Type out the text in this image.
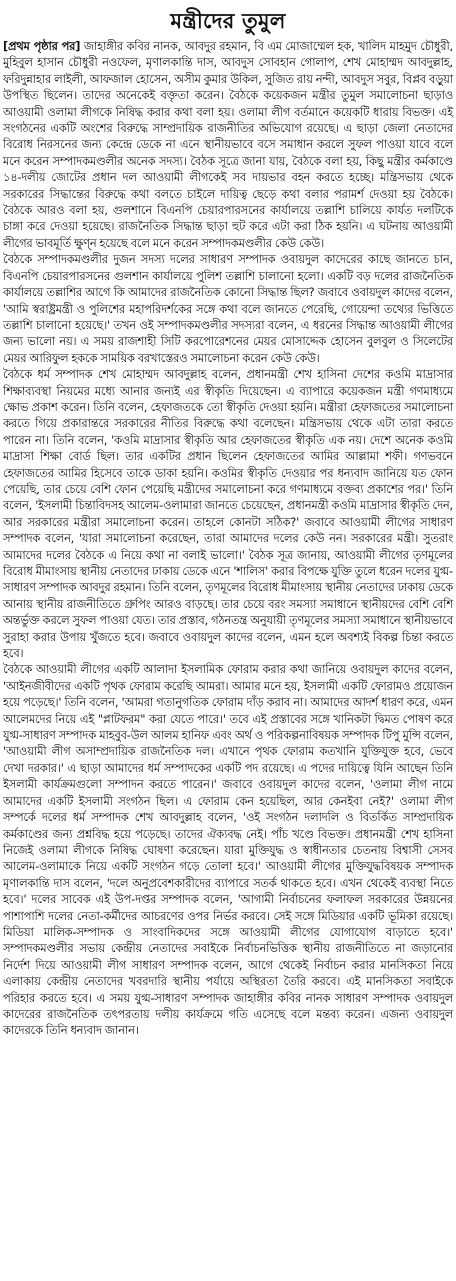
মন্ত্রীদের তুমুল

[প্রথম পৃষ্ঠার পর] জাহাঙ্গীর কবির নানক, আবদুর রহমান, বি এম মোজাম্মেল হক, খালিদ মাহমুদ চৌধুরী, মুহিবুল হাসান চৌধুরী নওফেল, মৃণালকান্তি দাস, আবদুস সোবহান গোলাপ, শেখ মোহাম্মদ আবদুল্লাহ, ফরিদুন্নাহার লাইলী, আফজাল হোসেন, অসীম কুমার উকিল, সুজিত রায় নন্দী, আবদুস সবুর, বিপ্লব বড়ুয়া উপস্থিত ছিলেন। তাদের অনেকেই বক্তৃতা করেন। বৈঠকে কয়েকজন মন্ত্রীর তুমুল সমালোচনা ছাড়াও আওয়ামী ওলামা লীগকে নিষিদ্ধ করার কথা বলা হয়। ওলামা লীগ বর্তমানে কয়েকটি ধারায় বিভক্ত। এই সংগঠনের একটি অংশের বিরুদ্ধে সাম্প্রদায়িক রাজনীতির অভিযোগ রয়েছে। এ ছাড়া জেলা নেতাদের বিরোধ নিরসনের জন্য কেন্দ্রে ডেকে না এনে স্থানীয়ভাবে বসে সমাধান করলে সুফল পাওয়া যাবে বলে মনে করেন সম্পাদকমণ্ডলীর অনেক সদস্য। বৈঠক সূত্রে জানা যায়, বৈঠকে বলা হয়, কিছু মন্ত্রীর কর্মকাণ্ডে ১৪-দলীয় জোটের প্রধান দল আওয়ামী লীগকেই সব দায়ভার বহন করতে হচ্ছে। মন্ত্রিসভায় থেকে সরকারের সিদ্ধান্তের বিরুদ্ধে কথা বলতে চাইলে দায়িত্ব ছেড়ে কথা বলার পরামর্শ দেওয়া হয় বৈঠকে। বৈঠকে আরও বলা হয়, গুলশানে বিএনপি চেয়ারপারসনের কার্যালয়ে তল্লাশি চালিয়ে কার্যত দলটিকে চাঙ্গা করে দেওয়া হয়েছে। রাজনৈতিক সিদ্ধান্ত ছাড়া হুট করে এটা করা ঠিক হয়নি। এ ঘটনায় আওয়ামী লীগের ভাবমূর্তি ক্ষুণ্ন হয়েছে বলে মনে করেন সম্পাদকমণ্ডলীর কেউ কেউ।

বৈঠকে সম্পাদকমণ্ডলীর দুজন সদস্য দলের সাধারণ সম্পাদক ওবায়দুল কাদেরের কাছে জানতে চান, বিএনপি চেয়ারপারসনের গুলশান কার্যালয়ে পুলিশ তল্লাশি চালানো হলো। একটি বড় দলের রাজনৈতিক কার্যালয়ে তল্লাশির আগে কি আমাদের রাজনৈতিক কোনো সিদ্ধান্ত ছিল? জবাবে ওবায়দুল কাদের বলেন, 'আমি স্বরাষ্ট্রমন্ত্রী ও পুলিশের মহাপরিদর্শকের সঙ্গে কথা বলে জানতে পেরেছি, গোয়েন্দা তথ্যের ভিত্তিতে তল্লাশি চালানো হয়েছে।' তখন ওই সম্পাদকমণ্ডলীর সদস্যরা বলেন, এ ধরনের সিদ্ধান্ত আওয়ামী লীগের জন্য ভালো নয়। এ সময় রাজশাহী সিটি করপোরেশনের মেয়র মোসাদ্দেক হোসেন বুলবুল ও সিলেটের মেয়র আরিফুল হককে সাময়িক বরখাস্তেরও সমালোচনা করেন কেউ কেউ।

বৈঠকে ধর্ম সম্পাদক শেখ মোহাম্মদ আবদুল্লাহ বলেন, প্রধানমন্ত্রী শেখ হাসিনা দেশের কওমি মাদ্রাসার শিক্ষাব্যবস্থা নিয়মের মধ্যে আনার জন্যই এর স্বীকৃতি দিয়েছেন। এ ব্যাপারে কয়েকজন মন্ত্রী গণমাধ্যমে ক্ষোভ প্রকাশ করেন। তিনি বলেন, হেফাজতকে তো স্বীকৃতি দেওয়া হয়নি। মন্ত্রীরা হেফাজতের সমালোচনা করতে গিয়ে প্রকারান্তরে সরকারের নীতির বিরুদ্ধে কথা বলেছেন। মন্ত্রিসভায় থেকে এটা তারা করতে পারেন না। তিনি বলেন, 'কওমি মাদ্রাসার স্বীকৃতি আর হেফাজতের স্বীকৃতি এক নয়। দেশে অনেক কওমি মাদ্রাসা শিক্ষা বোর্ড ছিল। তার একটির প্রধান ছিলেন হেফাজতের আমির আল্লামা শফী। গণভবনে হেফাজতের আমির হিসেবে তাকে ডাকা হয়নি। কওমির স্বীকৃতি দেওয়ার পর ধন্যবাদ জানিয়ে যত ফোন পেয়েছি, তার চেয়ে বেশি ফোন পেয়েছি মন্ত্রীদের সমালোচনা করে গণমাধ্যমে বক্তব্য প্রকাশের পর।' তিনি বলেন, 'ইসলামী চিন্তাবিদসহ আলেম-ওলামারা জানতে চেয়েছেন, প্রধানমন্ত্রী কওমি মাদ্রাসার স্বীকৃতি দেন, আর সরকারের মন্ত্রীরা সমালোচনা করেন। তাহলে কোনটা সঠিক?' জবাবে আওয়ামী লীগের সাধারণ সম্পাদক বলেন, 'যারা সমালোচনা করেছেন, তারা আমাদের দলের কেউ নন। সরকারের মন্ত্রী। সুতরাং আমাদের দলের বৈঠকে এ নিয়ে কথা না বলাই ভালো।' বৈঠক সূত্র জানায়, আওয়ামী লীগের তৃণমূলের বিরোধ মীমাংসায় স্থানীয় নেতাদের ঢাকায় ডেকে এনে 'শালিস' করার বিপক্ষে যুক্তি তুলে ধরেন দলের যুগ্ম-সাধারণ সম্পাদক আবদুর রহমান। তিনি বলেন, তৃণমূলের বিরোধ মীমাংসায় স্থানীয় নেতাদের ঢাকায় ডেকে আনায় স্থানীয় রাজনীতিতে গ্রুপিং আরও বাড়ছে। তার চেয়ে বরং সমস্যা সমাধানে স্থানীয়দের বেশি বেশি অন্তর্ভুক্ত করলে সুফল পাওয়া যেত। তার প্রস্তাব, গঠনতন্ত্র অনুযায়ী তৃণমূলের সমস্যা সমাধানে স্থানীয়ভাবে সুরাহা করার উপায় খুঁজতে হবে। জবাবে ওবায়দুল কাদের বলেন, এমন হলে অবশ্যই বিকল্প চিন্তা করতে হবে।

বৈঠকে আওয়ামী লীগের একটি আলাদা ইসলামিক ফোরাম করার কথা জানিয়ে ওবায়দুল কাদের বলেন, 'আইনজীবীদের একটি পৃথক ফোরাম করেছি আমরা। আমার মনে হয়, ইসলামী একটি ফোরামও প্রয়োজন হয়ে পড়েছে।' তিনি বলেন, 'আমরা গতানুগতিক ফোরাম দাঁড় করাব না। আমাদের আদর্শ ধারণ করে, এমন আলেমদের নিয়ে এই "প্লাটফরম" করা যেতে পারে।' তবে এই প্রস্তাবের সঙ্গে খানিকটা দ্বিমত পোষণ করে যুগ্ম-সাধারণ সম্পাদক মাহবুব-উল আলম হানিফ এবং অর্থ ও পরিকল্পনাবিষয়ক সম্পাদক টিপু মুন্সি বলেন, 'আওয়ামী লীগ অসাম্প্রদায়িক রাজনৈতিক দল। এখানে পৃথক ফোরাম কতখানি যুক্তিযুক্ত হবে, ভেবে দেখা দরকার।' এ ছাড়া আমাদের ধর্ম সম্পাদকের একটি পদ রয়েছে। এ পদের দায়িত্বে যিনি আছেন তিনি ইসলামী কার্যক্রমগুলো সম্পাদন করতে পারেন।' জবাবে ওবায়দুল কাদের বলেন, 'ওলামা লীগ নামে আমাদের একটি ইসলামী সংগঠন ছিল। এ ফোরাম কেন হয়েছিল, আর কেনইবা নেই?' ওলামা লীগ সম্পর্কে দলের ধর্ম সম্পাদক শেখ আবদুল্লাহ বলেন, 'ওই সংগঠন দলাদলি ও বিতর্কিত সাম্প্রদায়িক কর্মকাণ্ডের জন্য প্রশ্নবিদ্ধ হয়ে পড়েছে। তাদের ঐক্যবদ্ধ নেই। পাঁচ খণ্ডে বিভক্ত। প্রধানমন্ত্রী শেখ হাসিনা নিজেই ওলামা লীগকে নিষিদ্ধ ঘোষণা করেছেন। যারা মুক্তিযুদ্ধ ও স্বাধীনতার চেতনায় বিশ্বাসী সেসব আলেম-ওলামাকে নিয়ে একটি সংগঠন গড়ে তোলা হবে।' আওয়ামী লীগের মুক্তিযুদ্ধবিষয়ক সম্পাদক মৃণালকান্তি দাস বলেন, 'দলে অনুপ্রবেশকারীদের ব্যাপারে সতর্ক থাকতে হবে। এখন থেকেই ব্যবস্থা নিতে হবে।' দলের সাবেক এই উপ-দপ্তর সম্পাদক বলেন, 'আগামী নির্বাচনের ফলাফল সরকারের উন্নয়নের পাশাপাশি দলের নেতা-কর্মীদের আচরণের ওপর নির্ভর করবে। সেই সঙ্গে মিডিয়ার একটি ভূমিকা রয়েছে। মিডিয়া মালিক-সম্পাদক ও সাংবাদিকদের সঙ্গে আওয়ামী লীগের যোগাযোগ বাড়াতে হবে।' সম্পাদকমণ্ডলীর সভায় কেন্দ্রীয় নেতাদের সবাইকে নির্বাচনভিত্তিক স্থানীয় রাজনীতিতে না জড়ানোর নির্দেশ দিয়ে আওয়ামী লীগ সাধারণ সম্পাদক বলেন, আগে থেকেই নির্বাচন করার মানসিকতা নিয়ে এলাকায় কেন্দ্রীয় নেতাদের খবরদারি স্থানীয় পর্যায়ে অস্থিরতা তৈরি করবে। এই মানসিকতা সবাইকে পরিহার করতে হবে। এ সময় যুগ্ম-সাধারণ সম্পাদক জাহাঙ্গীর কবির নানক সাধারণ সম্পাদক ওবায়দুল কাদেরের রাজনৈতিক তৎপরতায় দলীয় কার্যক্রমে গতি এসেছে বলে মন্তব্য করেন। এজন্য ওবায়দুল কাদেরকে তিনি ধন্যবাদ জানান।
